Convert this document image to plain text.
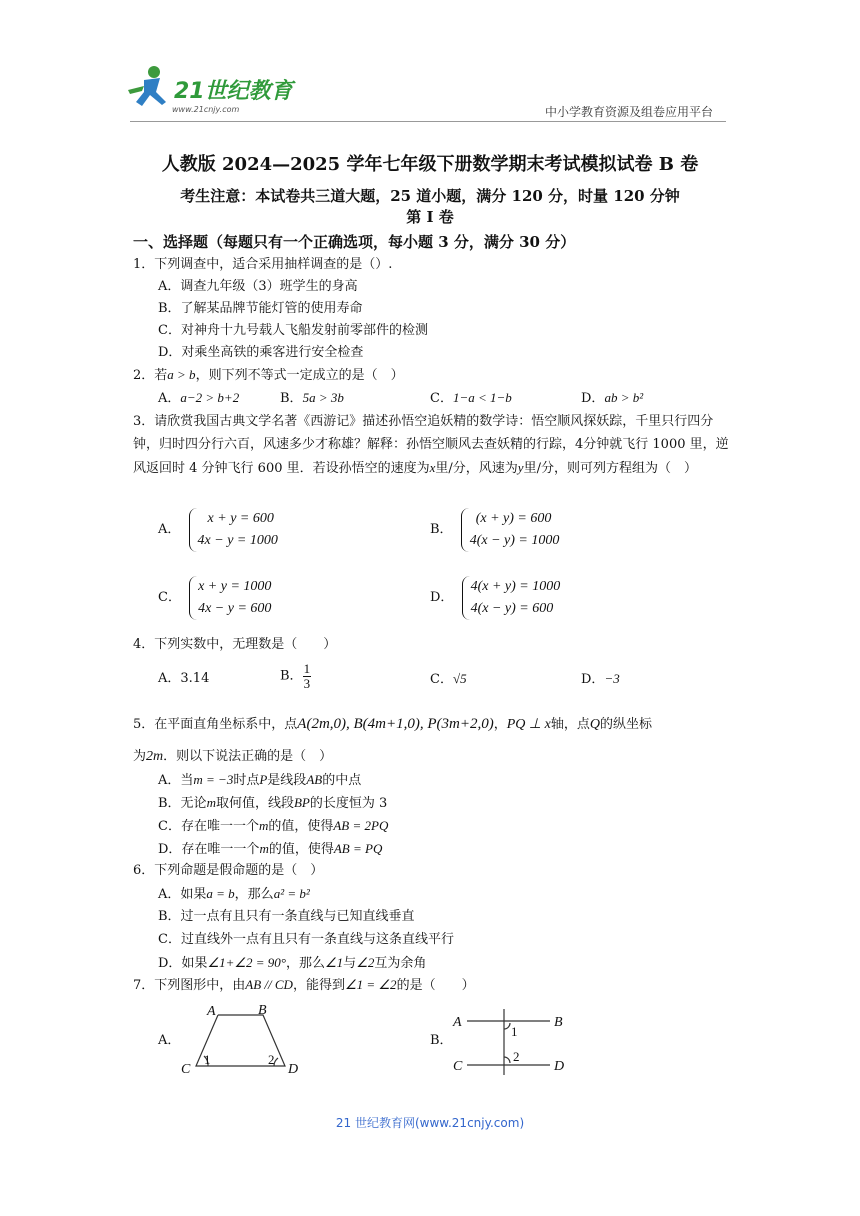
21世纪教育
www.21cnjy.com	中小学教育资源及组卷应用平台
人教版 2024—2025 学年七年级下册数学期末考试模拟试卷 B 卷
考生注意：本试卷共三道大题，25 道小题，满分 120 分，时量 120 分钟
第 I 卷
一、选择题（每题只有一个正确选项，每小题 3 分，满分 30 分）
1．下列调查中，适合采用抽样调查的是（）.
A．调查九年级（3）班学生的身高
B．了解某品牌节能灯管的使用寿命
C．对神舟十九号载人飞船发射前零部件的检测
D．对乘坐高铁的乘客进行安全检查
2．若a > b，则下列不等式一定成立的是（　）
A．a−2 > b+2	B．5a > 3b	C．1−a < 1−b	D．ab > b²
3．请欣赏我国古典文学名著《西游记》描述孙悟空追妖精的数学诗：悟空顺风探妖踪，千里只行四分钟，归时四分行六百，风速多少才称雄？解释：孙悟空顺风去查妖精的行踪，4分钟就飞行 1000 里，逆风返回时 4 分钟飞行 600 里．若设孙悟空的速度为x里/分，风速为y里/分，则可列方程组为（　）
A．
x + y = 600
4x − y = 1000
B．
(x + y) = 600
4(x − y) = 1000
C．
x + y = 1000
4x − y = 600
D．
4(x + y) = 1000
4(x − y) = 600
4．下列实数中，无理数是（　　）
A．3.14	B． $\frac{1}{3}$	C．√5	D．−3
5．在平面直角坐标系中，点A(2m,0), B(4m+1,0), P(3m+2,0)，PQ ⊥ x轴，点Q的纵坐标
为2m．则以下说法正确的是（　）
A．当m = −3时点P是线段AB的中点
B．无论m取何值，线段BP的长度恒为 3
C．存在唯一一个m的值，使得AB = 2PQ
D．存在唯一一个m的值，使得AB = PQ
6．下列命题是假命题的是（　）
A．如果a = b，那么a² = b²
B．过一点有且只有一条直线与已知直线垂直
C．过直线外一点有且只有一条直线与这条直线平行
D．如果∠1+∠2 = 90°，那么∠1与∠2互为余角
7．下列图形中，由AB // CD，能得到∠1 = ∠2的是（　　）
A．
A	B
C	D
1	2
B．
A	B
C	D
1
2
21 世纪教育网(www.21cnjy.com)
